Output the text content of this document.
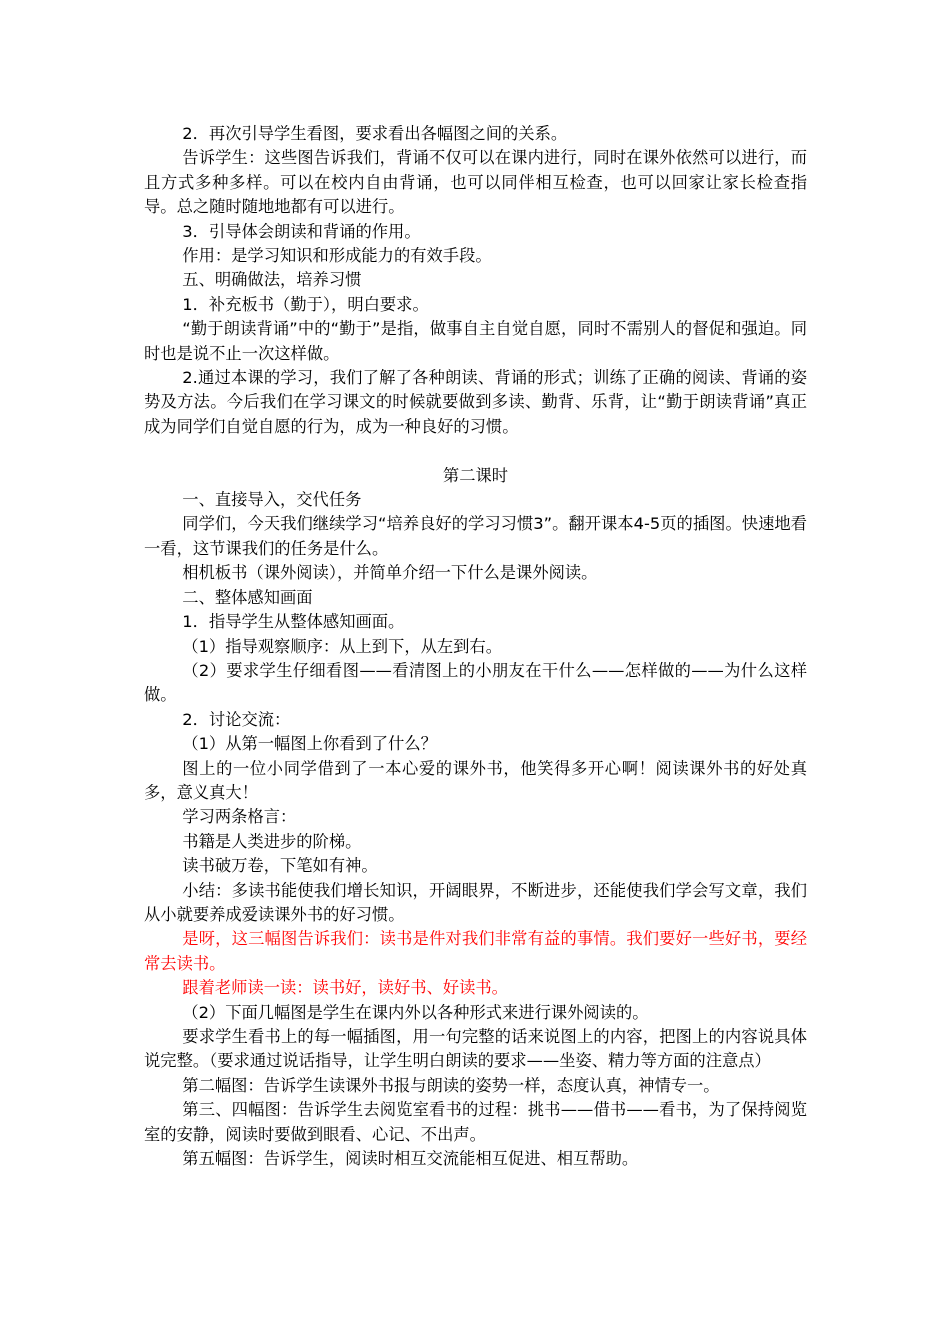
2．再次引导学生看图，要求看出各幅图之间的关系。

告诉学生：这些图告诉我们，背诵不仅可以在课内进行，同时在课外依然可以进行，而且方式多种多样。可以在校内自由背诵，也可以同伴相互检查，也可以回家让家长检查指导。总之随时随地地都有可以进行。

3．引导体会朗读和背诵的作用。

作用：是学习知识和形成能力的有效手段。

五、明确做法，培养习惯

1．补充板书（勤于），明白要求。

“勤于朗读背诵”中的“勤于”是指，做事自主自觉自愿，同时不需别人的督促和强迫。同时也是说不止一次这样做。

2.通过本课的学习，我们了解了各种朗读、背诵的形式；训练了正确的阅读、背诵的姿势及方法。今后我们在学习课文的时候就要做到多读、勤背、乐背，让“勤于朗读背诵”真正成为同学们自觉自愿的行为，成为一种良好的习惯。

第二课时

一、直接导入，交代任务

同学们，今天我们继续学习“培养良好的学习习惯3”。翻开课本4-5页的插图。快速地看一看，这节课我们的任务是什么。

相机板书（课外阅读），并简单介绍一下什么是课外阅读。

二、整体感知画面

1．指导学生从整体感知画面。

（1）指导观察顺序：从上到下，从左到右。

（2）要求学生仔细看图——看清图上的小朋友在干什么——怎样做的——为什么这样做。

2．讨论交流：

（1）从第一幅图上你看到了什么？

图上的一位小同学借到了一本心爱的课外书，他笑得多开心啊！阅读课外书的好处真多，意义真大！

学习两条格言：

书籍是人类进步的阶梯。

读书破万卷，下笔如有神。

小结：多读书能使我们增长知识，开阔眼界，不断进步，还能使我们学会写文章，我们从小就要养成爱读课外书的好习惯。

是呀，这三幅图告诉我们：读书是件对我们非常有益的事情。我们要好一些好书，要经常去读书。

跟着老师读一读：读书好，读好书、好读书。

（2）下面几幅图是学生在课内外以各种形式来进行课外阅读的。

要求学生看书上的每一幅插图，用一句完整的话来说图上的内容，把图上的内容说具体说完整。（要求通过说话指导，让学生明白朗读的要求——坐姿、精力等方面的注意点）

第二幅图：告诉学生读课外书报与朗读的姿势一样，态度认真，神情专一。

第三、四幅图：告诉学生去阅览室看书的过程：挑书——借书——看书，为了保持阅览室的安静，阅读时要做到眼看、心记、不出声。

第五幅图：告诉学生，阅读时相互交流能相互促进、相互帮助。
